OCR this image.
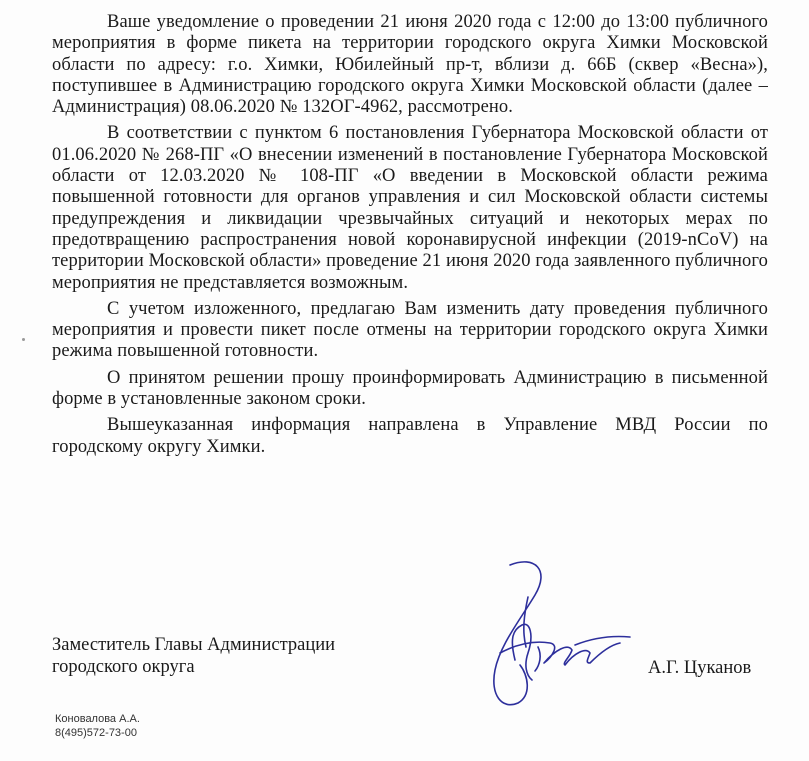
Ваше уведомление о проведении 21 июня 2020 года с 12:00 до 13:00 публичного мероприятия в форме пикета на территории городского округа Химки Московской области по адресу: г.о. Химки, Юбилейный пр-т, вблизи д. 66Б (сквер «Весна»), поступившее в Администрацию городского округа Химки Московской области (далее – Администрация) 08.06.2020 № 132ОГ-4962, рассмотрено.

В соответствии с пунктом 6 постановления Губернатора Московской области от 01.06.2020 № 268-ПГ «О внесении изменений в постановление Губернатора Московской области от 12.03.2020 № 108-ПГ «О введении в Московской области режима повышенной готовности для органов управления и сил Московской области системы предупреждения и ликвидации чрезвычайных ситуаций и некоторых мерах по предотвращению распространения новой коронавирусной инфекции (2019-nCoV) на территории Московской области» проведение 21 июня 2020 года заявленного публичного мероприятия не представляется возможным.

С учетом изложенного, предлагаю Вам изменить дату проведения публичного мероприятия и провести пикет после отмены на территории городского округа Химки режима повышенной готовности.

О принятом решении прошу проинформировать Администрацию в письменной форме в установленные законом сроки.

Вышеуказанная информация направлена в Управление МВД России по городскому округу Химки.

Заместитель Главы Администрации
городского округа	А.Г. Цуканов
Коновалова А.А.
8(495)572-73-00
